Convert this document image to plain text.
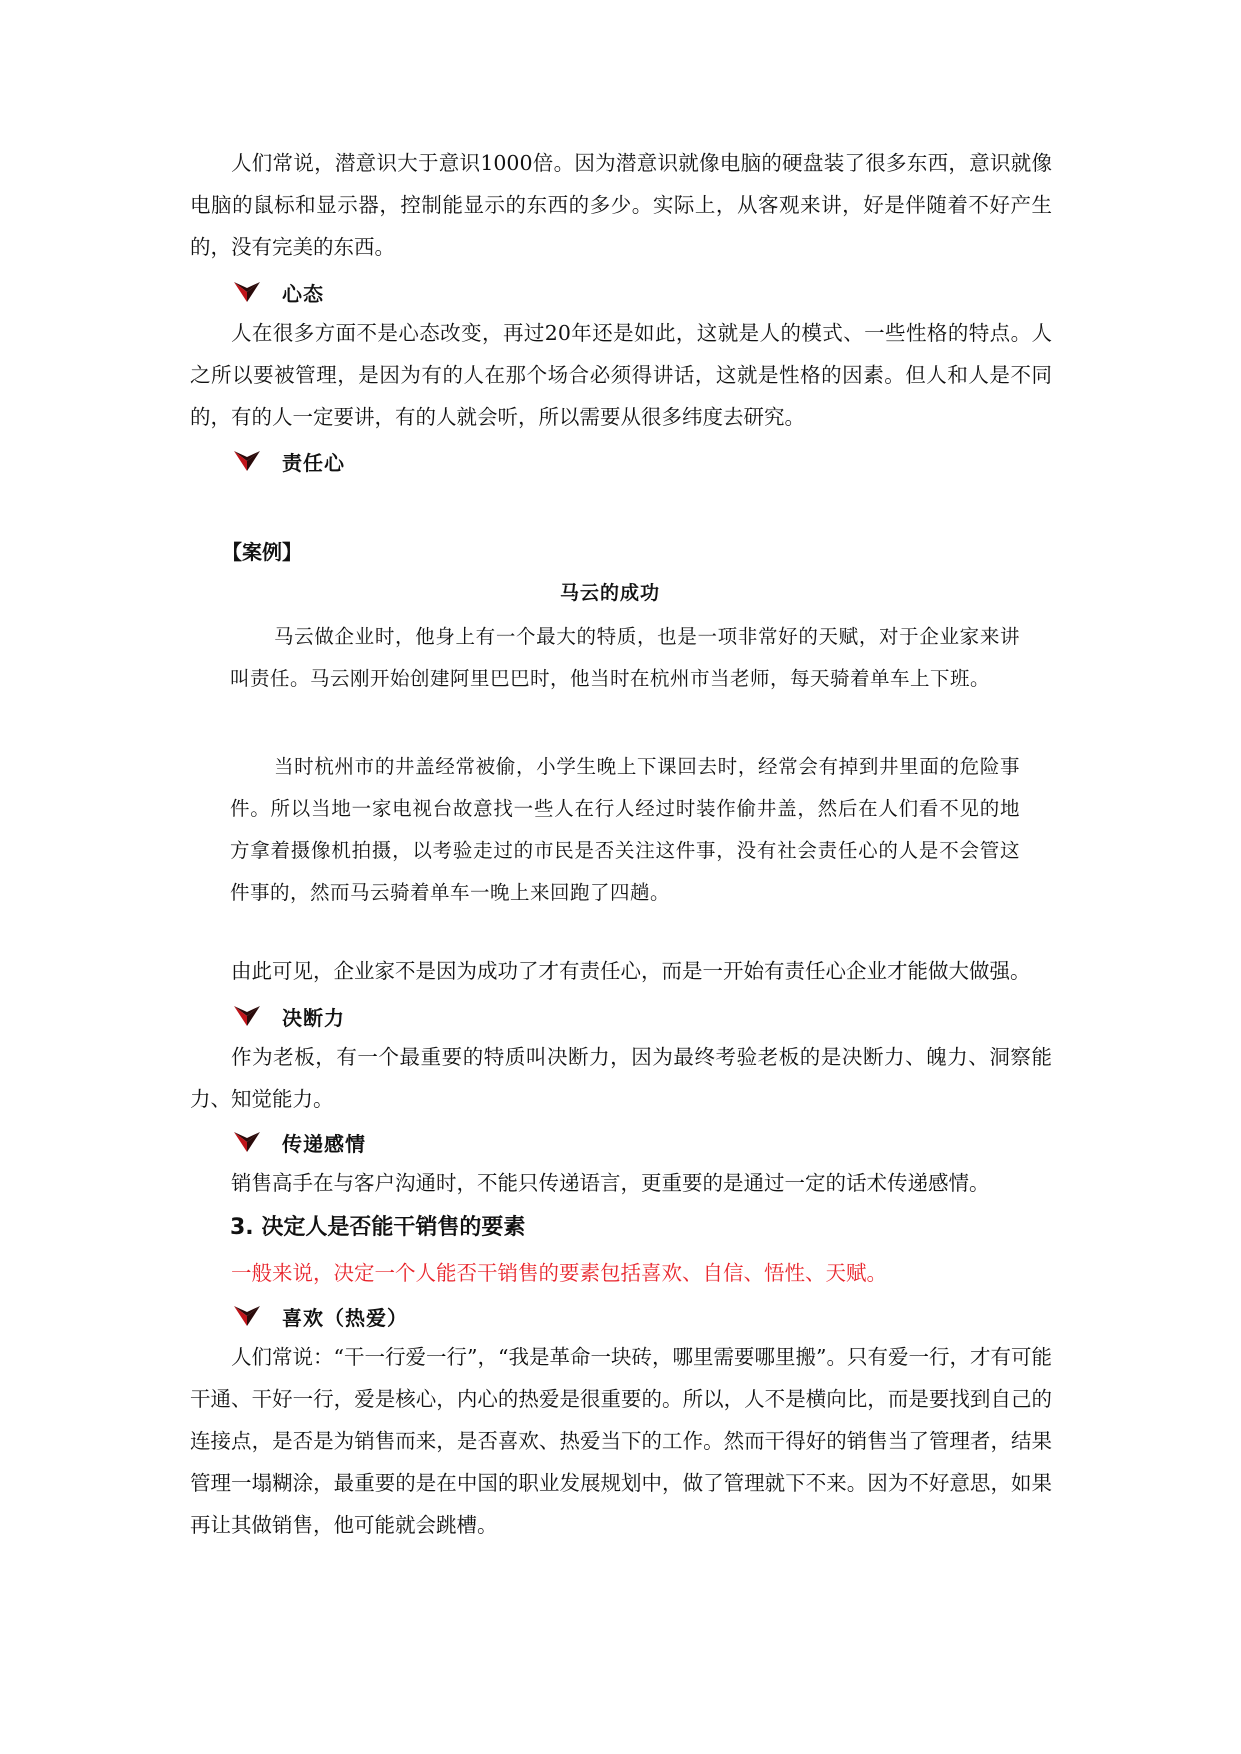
人们常说，潜意识大于意识1000倍。因为潜意识就像电脑的硬盘装了很多东西，意识就像电脑的鼠标和显示器，控制能显示的东西的多少。实际上，从客观来讲，好是伴随着不好产生的，没有完美的东西。

心态

人在很多方面不是心态改变，再过20年还是如此，这就是人的模式、一些性格的特点。人之所以要被管理，是因为有的人在那个场合必须得讲话，这就是性格的因素。但人和人是不同的，有的人一定要讲，有的人就会听，所以需要从很多纬度去研究。

责任心
【案例】
马云的成功

马云做企业时，他身上有一个最大的特质，也是一项非常好的天赋，对于企业家来讲叫责任。马云刚开始创建阿里巴巴时，他当时在杭州市当老师，每天骑着单车上下班。

当时杭州市的井盖经常被偷，小学生晚上下课回去时，经常会有掉到井里面的危险事件。所以当地一家电视台故意找一些人在行人经过时装作偷井盖，然后在人们看不见的地方拿着摄像机拍摄，以考验走过的市民是否关注这件事，没有社会责任心的人是不会管这件事的，然而马云骑着单车一晚上来回跑了四趟。

由此可见，企业家不是因为成功了才有责任心，而是一开始有责任心企业才能做大做强。

决断力

作为老板，有一个最重要的特质叫决断力，因为最终考验老板的是决断力、魄力、洞察能力、知觉能力。

传递感情

销售高手在与客户沟通时，不能只传递语言，更重要的是通过一定的话术传递感情。

3. 决定人是否能干销售的要素

一般来说，决定一个人能否干销售的要素包括喜欢、自信、悟性、天赋。

喜欢（热爱）

人们常说：“干一行爱一行”，“我是革命一块砖，哪里需要哪里搬”。只有爱一行，才有可能干通、干好一行，爱是核心，内心的热爱是很重要的。所以，人不是横向比，而是要找到自己的连接点，是否是为销售而来，是否喜欢、热爱当下的工作。然而干得好的销售当了管理者，结果管理一塌糊涂，最重要的是在中国的职业发展规划中，做了管理就下不来。因为不好意思，如果再让其做销售，他可能就会跳槽。
